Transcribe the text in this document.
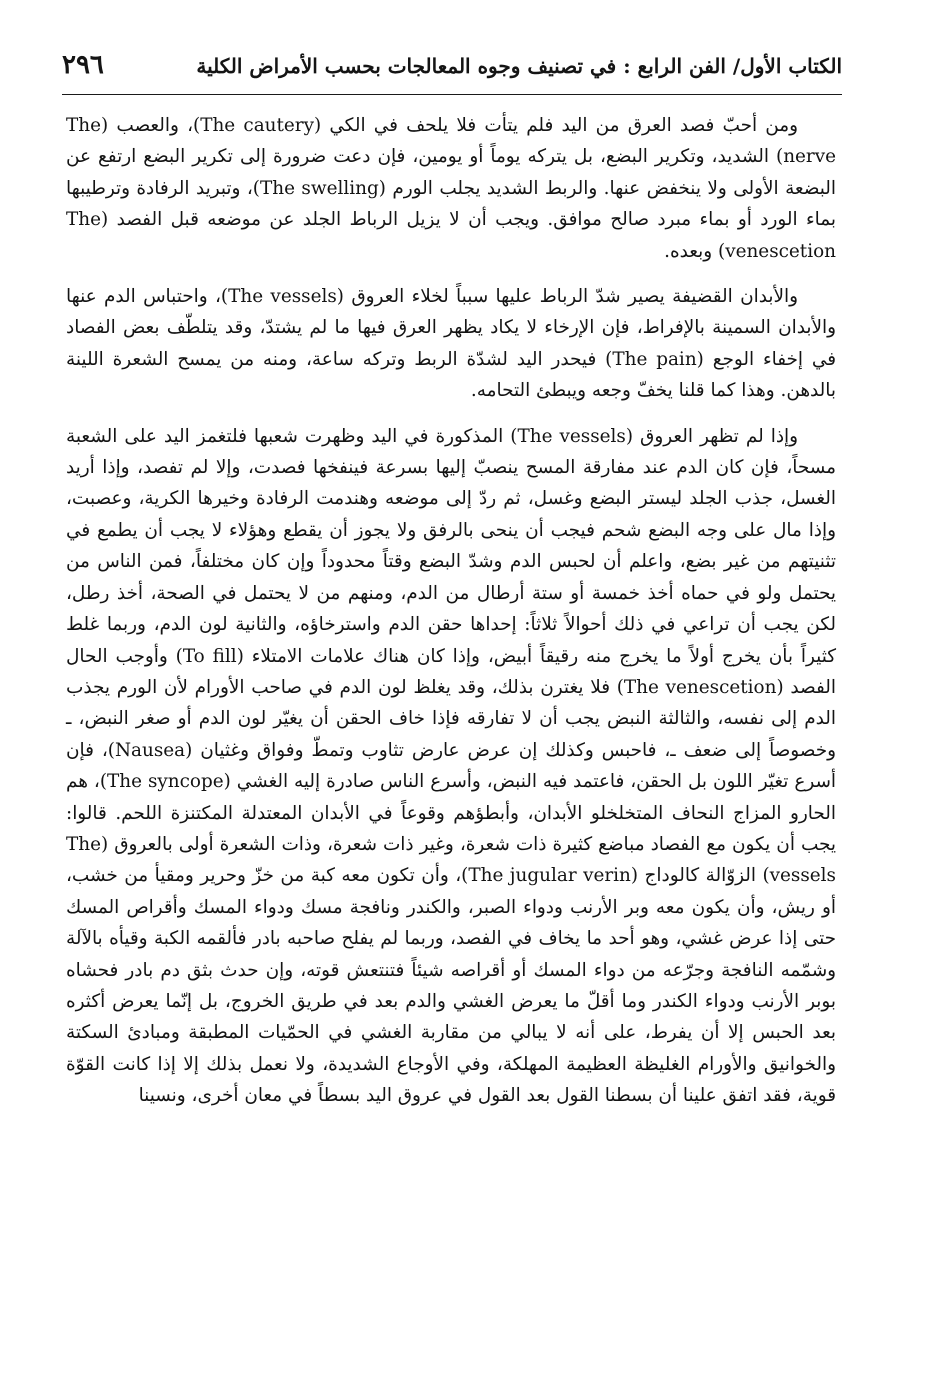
٢٩٦	الكتاب الأول/ الفن الرابع : في تصنيف وجوه المعالجات بحسب الأمراض الكلية

ومن أحبّ فصد العرق من اليد فلم يتأت فلا يلحف في الكي (The cautery)، والعصب (The nerve) الشديد، وتكرير البضع، بل يتركه يوماً أو يومين، فإن دعت ضرورة إلى تكرير البضع ارتفع عن البضعة الأولى ولا ينخفض عنها. والربط الشديد يجلب الورم (The swelling)، وتبريد الرفادة وترطيبها بماء الورد أو بماء مبرد صالح موافق. ويجب أن لا يزيل الرباط الجلد عن موضعه قبل الفصد (The venescetion) وبعده.

والأبدان القضيفة يصير شدّ الرباط عليها سبباً لخلاء العروق (The vessels)، واحتباس الدم عنها والأبدان السمينة بالإفراط، فإن الإرخاء لا يكاد يظهر العرق فيها ما لم يشتدّ، وقد يتلطّف بعض الفصاد في إخفاء الوجع (The pain) فيحدر اليد لشدّة الربط وتركه ساعة، ومنه من يمسح الشعرة اللينة بالدهن. وهذا كما قلنا يخفّ وجعه ويبطئ التحامه.

وإذا لم تظهر العروق (The vessels) المذكورة في اليد وظهرت شعبها فلتغمز اليد على الشعبة مسحاً، فإن كان الدم عند مفارقة المسح ينصبّ إليها بسرعة فينفخها فصدت، وإلا لم تفصد، وإذا أريد الغسل، جذب الجلد ليستر البضع وغسل، ثم ردّ إلى موضعه وهندمت الرفادة وخيرها الكرية، وعصبت، وإذا مال على وجه البضع شحم فيجب أن ينحى بالرفق ولا يجوز أن يقطع وهؤلاء لا يجب أن يطمع في تثنيتهم من غير بضع، واعلم أن لحبس الدم وشدّ البضع وقتاً محدوداً وإن كان مختلفاً، فمن الناس من يحتمل ولو في حماه أخذ خمسة أو ستة أرطال من الدم، ومنهم من لا يحتمل في الصحة، أخذ رطل، لكن يجب أن تراعي في ذلك أحوالاً ثلاثاً: إحداها حقن الدم واسترخاؤه، والثانية لون الدم، وربما غلط كثيراً بأن يخرج أولاً ما يخرج منه رقيقاً أبيض، وإذا كان هناك علامات الامتلاء (To fill) وأوجب الحال الفصد (The venescetion) فلا يغترن بذلك، وقد يغلظ لون الدم في صاحب الأورام لأن الورم يجذب الدم إلى نفسه، والثالثة النبض يجب أن لا تفارقه فإذا خاف الحقن أن يغيّر لون الدم أو صغر النبض، ـ وخصوصاً إلى ضعف ـ، فاحبس وكذلك إن عرض عارض تثاوب وتمطّ وفواق وغثيان (Nausea)، فإن أسرع تغيّر اللون بل الحقن، فاعتمد فيه النبض، وأسرع الناس صادرة إليه الغشي (The syncope)، هم الحارو المزاج النحاف المتخلخلو الأبدان، وأبطؤهم وقوعاً في الأبدان المعتدلة المكتنزة اللحم. قالوا: يجب أن يكون مع الفصاد مباضع كثيرة ذات شعرة، وغير ذات شعرة، وذات الشعرة أولى بالعروق (The vessels) الزوّالة كالوداج (The jugular verin)، وأن تكون معه كبة من خزّ وحرير ومقيأ من خشب، أو ريش، وأن يكون معه وبر الأرنب ودواء الصبر، والكندر ونافجة مسك ودواء المسك وأقراص المسك حتى إذا عرض غشي، وهو أحد ما يخاف في الفصد، وربما لم يفلح صاحبه بادر فألقمه الكبة وقيأه بالآلة وشمّمه النافجة وجرّعه من دواء المسك أو أقراصه شيئاً فتنتعش قوته، وإن حدث بثق دم بادر فحشاه بوبر الأرنب ودواء الكندر وما أقلّ ما يعرض الغشي والدم بعد في طريق الخروج، بل إنّما يعرض أكثره بعد الحبس إلا أن يفرط، على أنه لا يبالي من مقاربة الغشي في الحمّيات المطبقة ومبادئ السكتة والخوانيق والأورام الغليظة العظيمة المهلكة، وفي الأوجاع الشديدة، ولا نعمل بذلك إلا إذا كانت القوّة قوية، فقد اتفق علينا أن بسطنا القول بعد القول في عروق اليد بسطاً في معان أخرى، ونسينا
